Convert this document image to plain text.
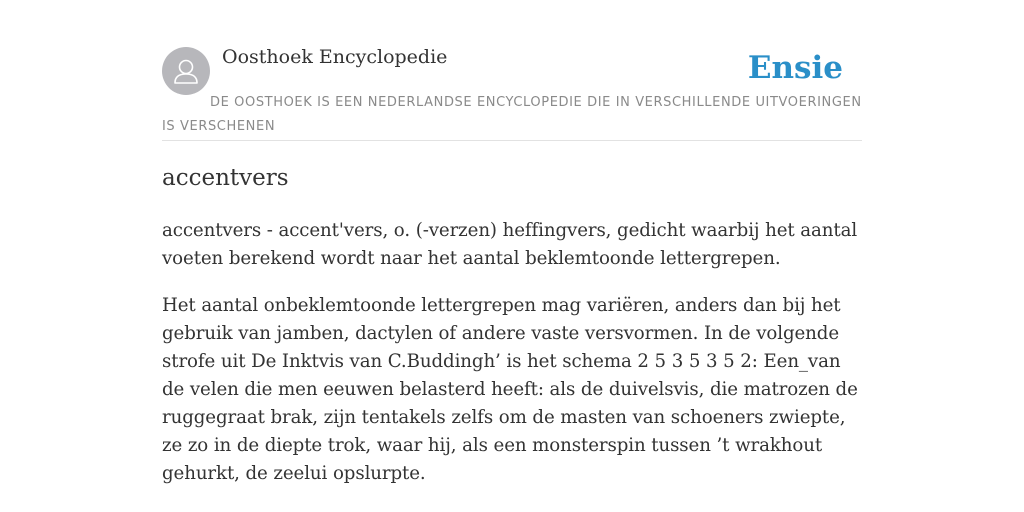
Oosthoek Encyclopedie	Ensie
DE OOSTHOEK IS EEN NEDERLANDSE ENCYCLOPEDIE DIE IN VERSCHILLENDE UITVOERINGEN IS VERSCHENEN
accentvers

accentvers - accent'vers, o. (-verzen) heffingvers, gedicht waarbij het aantal voeten berekend wordt naar het aantal beklemtoonde lettergrepen.

Het aantal onbeklemtoonde lettergrepen mag variëren, anders dan bij het gebruik van jamben, dactylen of andere vaste versvormen. In de volgende strofe uit De Inktvis van C.Buddingh’ is het schema 2 5 3 5 3 5 2: Een_van de velen die men eeuwen belasterd heeft: als de duivelsvis, die matrozen de ruggegraat brak, zijn tentakels zelfs om de masten van schoeners zwiepte, ze zo in de diepte trok, waar hij, als een monsterspin tussen ’t wrakhout gehurkt, de zeelui opslurpte.
